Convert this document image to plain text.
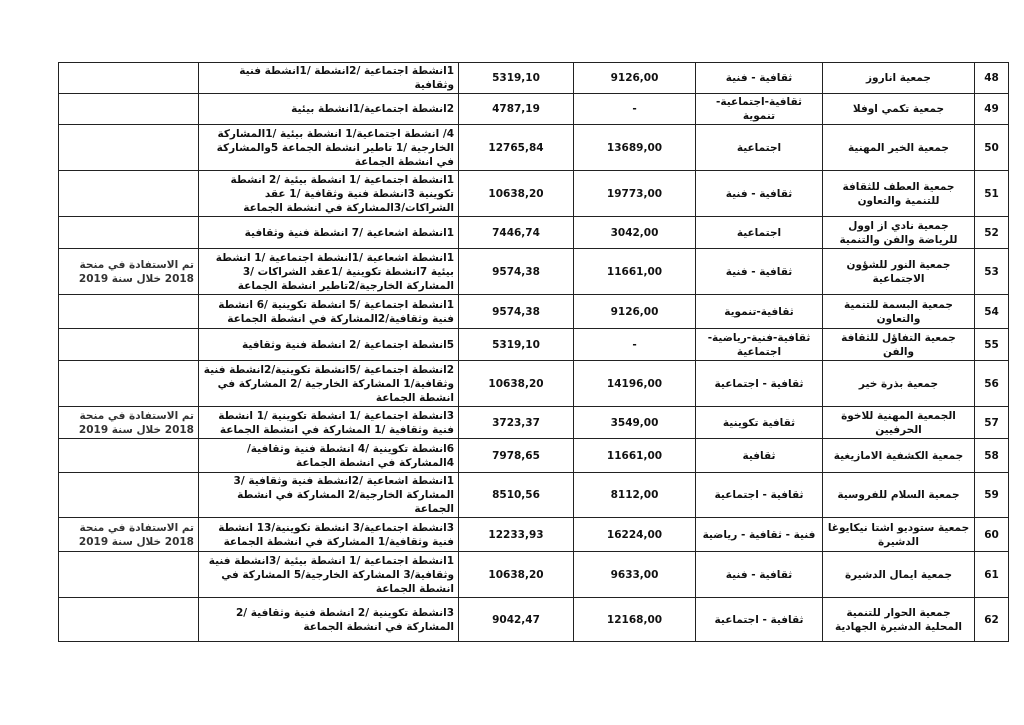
48	جمعية اناروز	ثقافية - فنية	9126,00	5319,10	1انشطة اجتماعية /2انشطة /1انشطة فنية وثقافية	
49	جمعية تكمي اوفلا	ثقافية-اجتماعية-تنموية	-	4787,19	2انشطة اجتماعية/1انشطة بيئية	
50	جمعية الخير المهنية	اجتماعية	13689,00	12765,84	4/ انشطة اجتماعية/1 انشطة بيئية /1المشاركة الخارجية /1 تاطير انشطة الجماعة 5والمشاركة في انشطة الجماعة	
51	جمعية العطف للثقافة للتنمية والتعاون	ثقافية - فنية	19773,00	10638,20	1انشطة اجتماعية /1 انشطة بيئية /2 انشطة تكوينية 3انشطة فنية وثقافية /1 عقد الشراكات/3المشاركة في انشطة الجماعة	
52	جمعية نادي از اوول للرياضة والفن والتنمية	اجتماعية	3042,00	7446,74	1انشطة اشعاعية /7 انشطة فنية وثقافية	
53	جمعية النور للشؤون الاجتماعية	ثقافية - فنية	11661,00	9574,38	1انشطة اشعاعية /1انشطة اجتماعية /1 انشطة بيئية 7انشطة تكوينية /1عقد الشراكات /3 المشاركة الخارجية/2تاطير انشطة الجماعة	تم الاستفادة في منحة 2018 خلال سنة 2019
54	جمعية البسمة للتنمية والتعاون	ثقافية-تنموية	9126,00	9574,38	1انشطة اجتماعية /5 انشطة تكوينية /6 انشطة فنية وثقافية/2المشاركة في انشطة الجماعة	
55	جمعية التفاؤل للثقافة والفن	ثقافية-فنية-رياضية- اجتماعية	-	5319,10	5انشطة اجتماعية /2 انشطة فنية وثقافية	
56	جمعية بذرة خير	ثقافية - اجتماعية	14196,00	10638,20	2انشطة اجتماعية /5انشطة تكوينية/2انشطة فنية وثقافية/1 المشاركة الخارجية /2 المشاركة في انشطة الجماعة	
57	الجمعية المهنية للاخوة الحرفيين	ثقافية تكوينية	3549,00	3723,37	3انشطة اجتماعية /1 انشطة تكوينية /1 انشطة فنية وثقافية /1 المشاركة في انشطة الجماعة	تم الاستفادة في منحة 2018 خلال سنة 2019
58	جمعية الكشفية الامازيغية	ثقافية	11661,00	7978,65	6انشطة تكوينية /4 انشطة فنية وثقافية/ 4المشاركة في انشطة الجماعة	
59	جمعية السلام للفروسية	ثقافية - اجتماعية	8112,00	8510,56	1انشطة اشعاعية /2انشطة فنية وثقافية /3 المشاركة الخارجية/2 المشاركة في انشطة الجماعة	
60	جمعية ستوديو اشتا نيكايوغا الدشيرة	فنية - ثقافية - رياضية	16224,00	12233,93	3انشطة اجتماعية/3 انشطة تكوينية/13 انشطة فنية وثقافية/1 المشاركة في انشطة الجماعة	تم الاستفادة في منحة 2018 خلال سنة 2019
61	جمعية ايمال الدشيرة	ثقافية - فنية	9633,00	10638,20	1انشطة اجتماعية /1 انشطة بيئية /3انشطة فنية وثقافية/3 المشاركة الخارجية/5 المشاركة في انشطة الجماعة	
62	جمعية الحوار للتنمية المحلية الدشيرة الجهادية	ثقافية - اجتماعية	12168,00	9042,47	3انشطة تكوينية /2 انشطة فنية وثقافية /2 المشاركة في انشطة الجماعة	
